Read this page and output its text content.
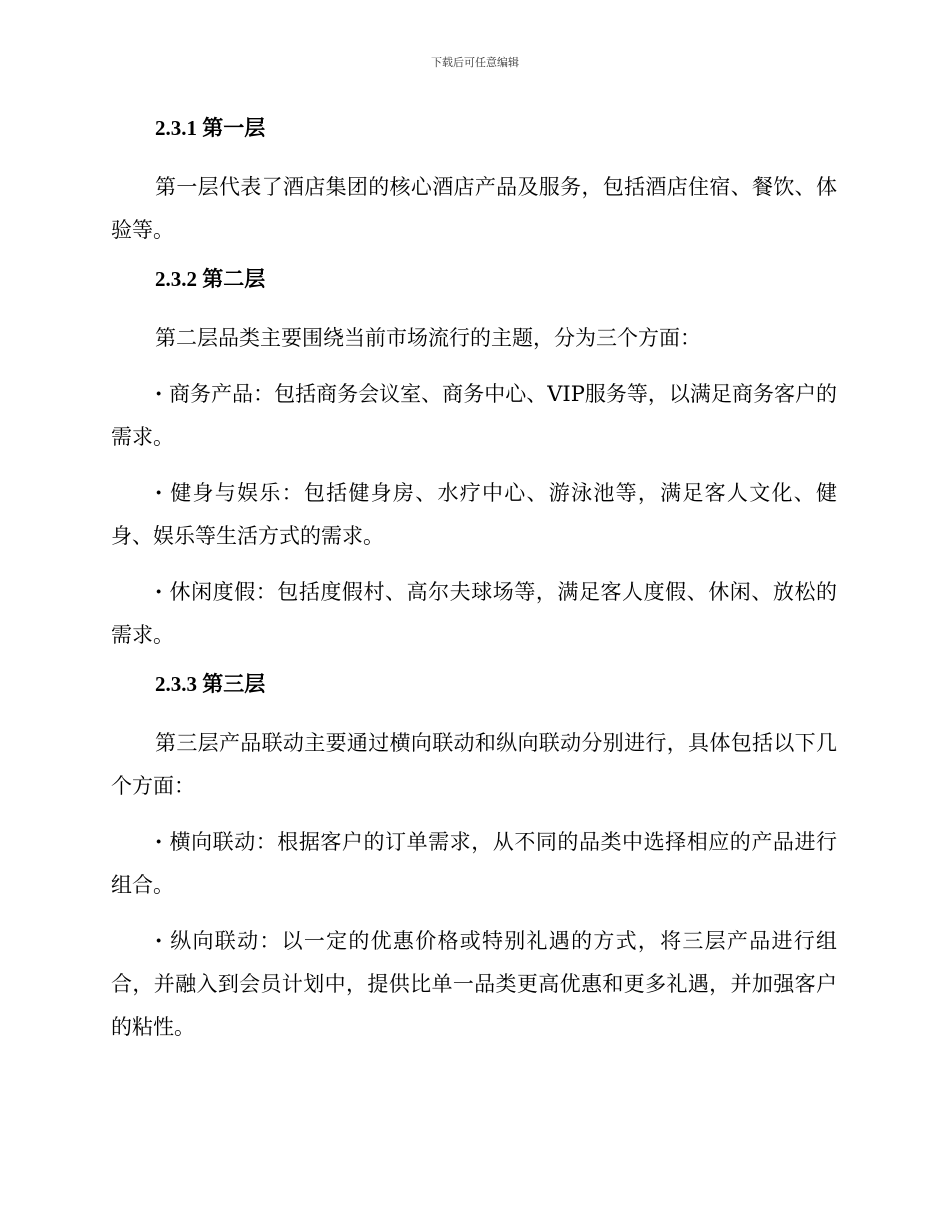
下载后可任意编辑
2.3.1 第一层

第一层代表了酒店集团的核心酒店产品及服务，包括酒店住宿、餐饮、体验等。

2.3.2 第二层

第二层品类主要围绕当前市场流行的主题，分为三个方面：

· 商务产品：包括商务会议室、商务中心、VIP服务等，以满足商务客户的需求。

· 健身与娱乐：包括健身房、水疗中心、游泳池等，满足客人文化、健身、娱乐等生活方式的需求。

· 休闲度假：包括度假村、高尔夫球场等，满足客人度假、休闲、放松的需求。

2.3.3 第三层

第三层产品联动主要通过横向联动和纵向联动分别进行，具体包括以下几个方面：

· 横向联动：根据客户的订单需求，从不同的品类中选择相应的产品进行组合。

· 纵向联动：以一定的优惠价格或特别礼遇的方式，将三层产品进行组合，并融入到会员计划中，提供比单一品类更高优惠和更多礼遇，并加强客户的粘性。
